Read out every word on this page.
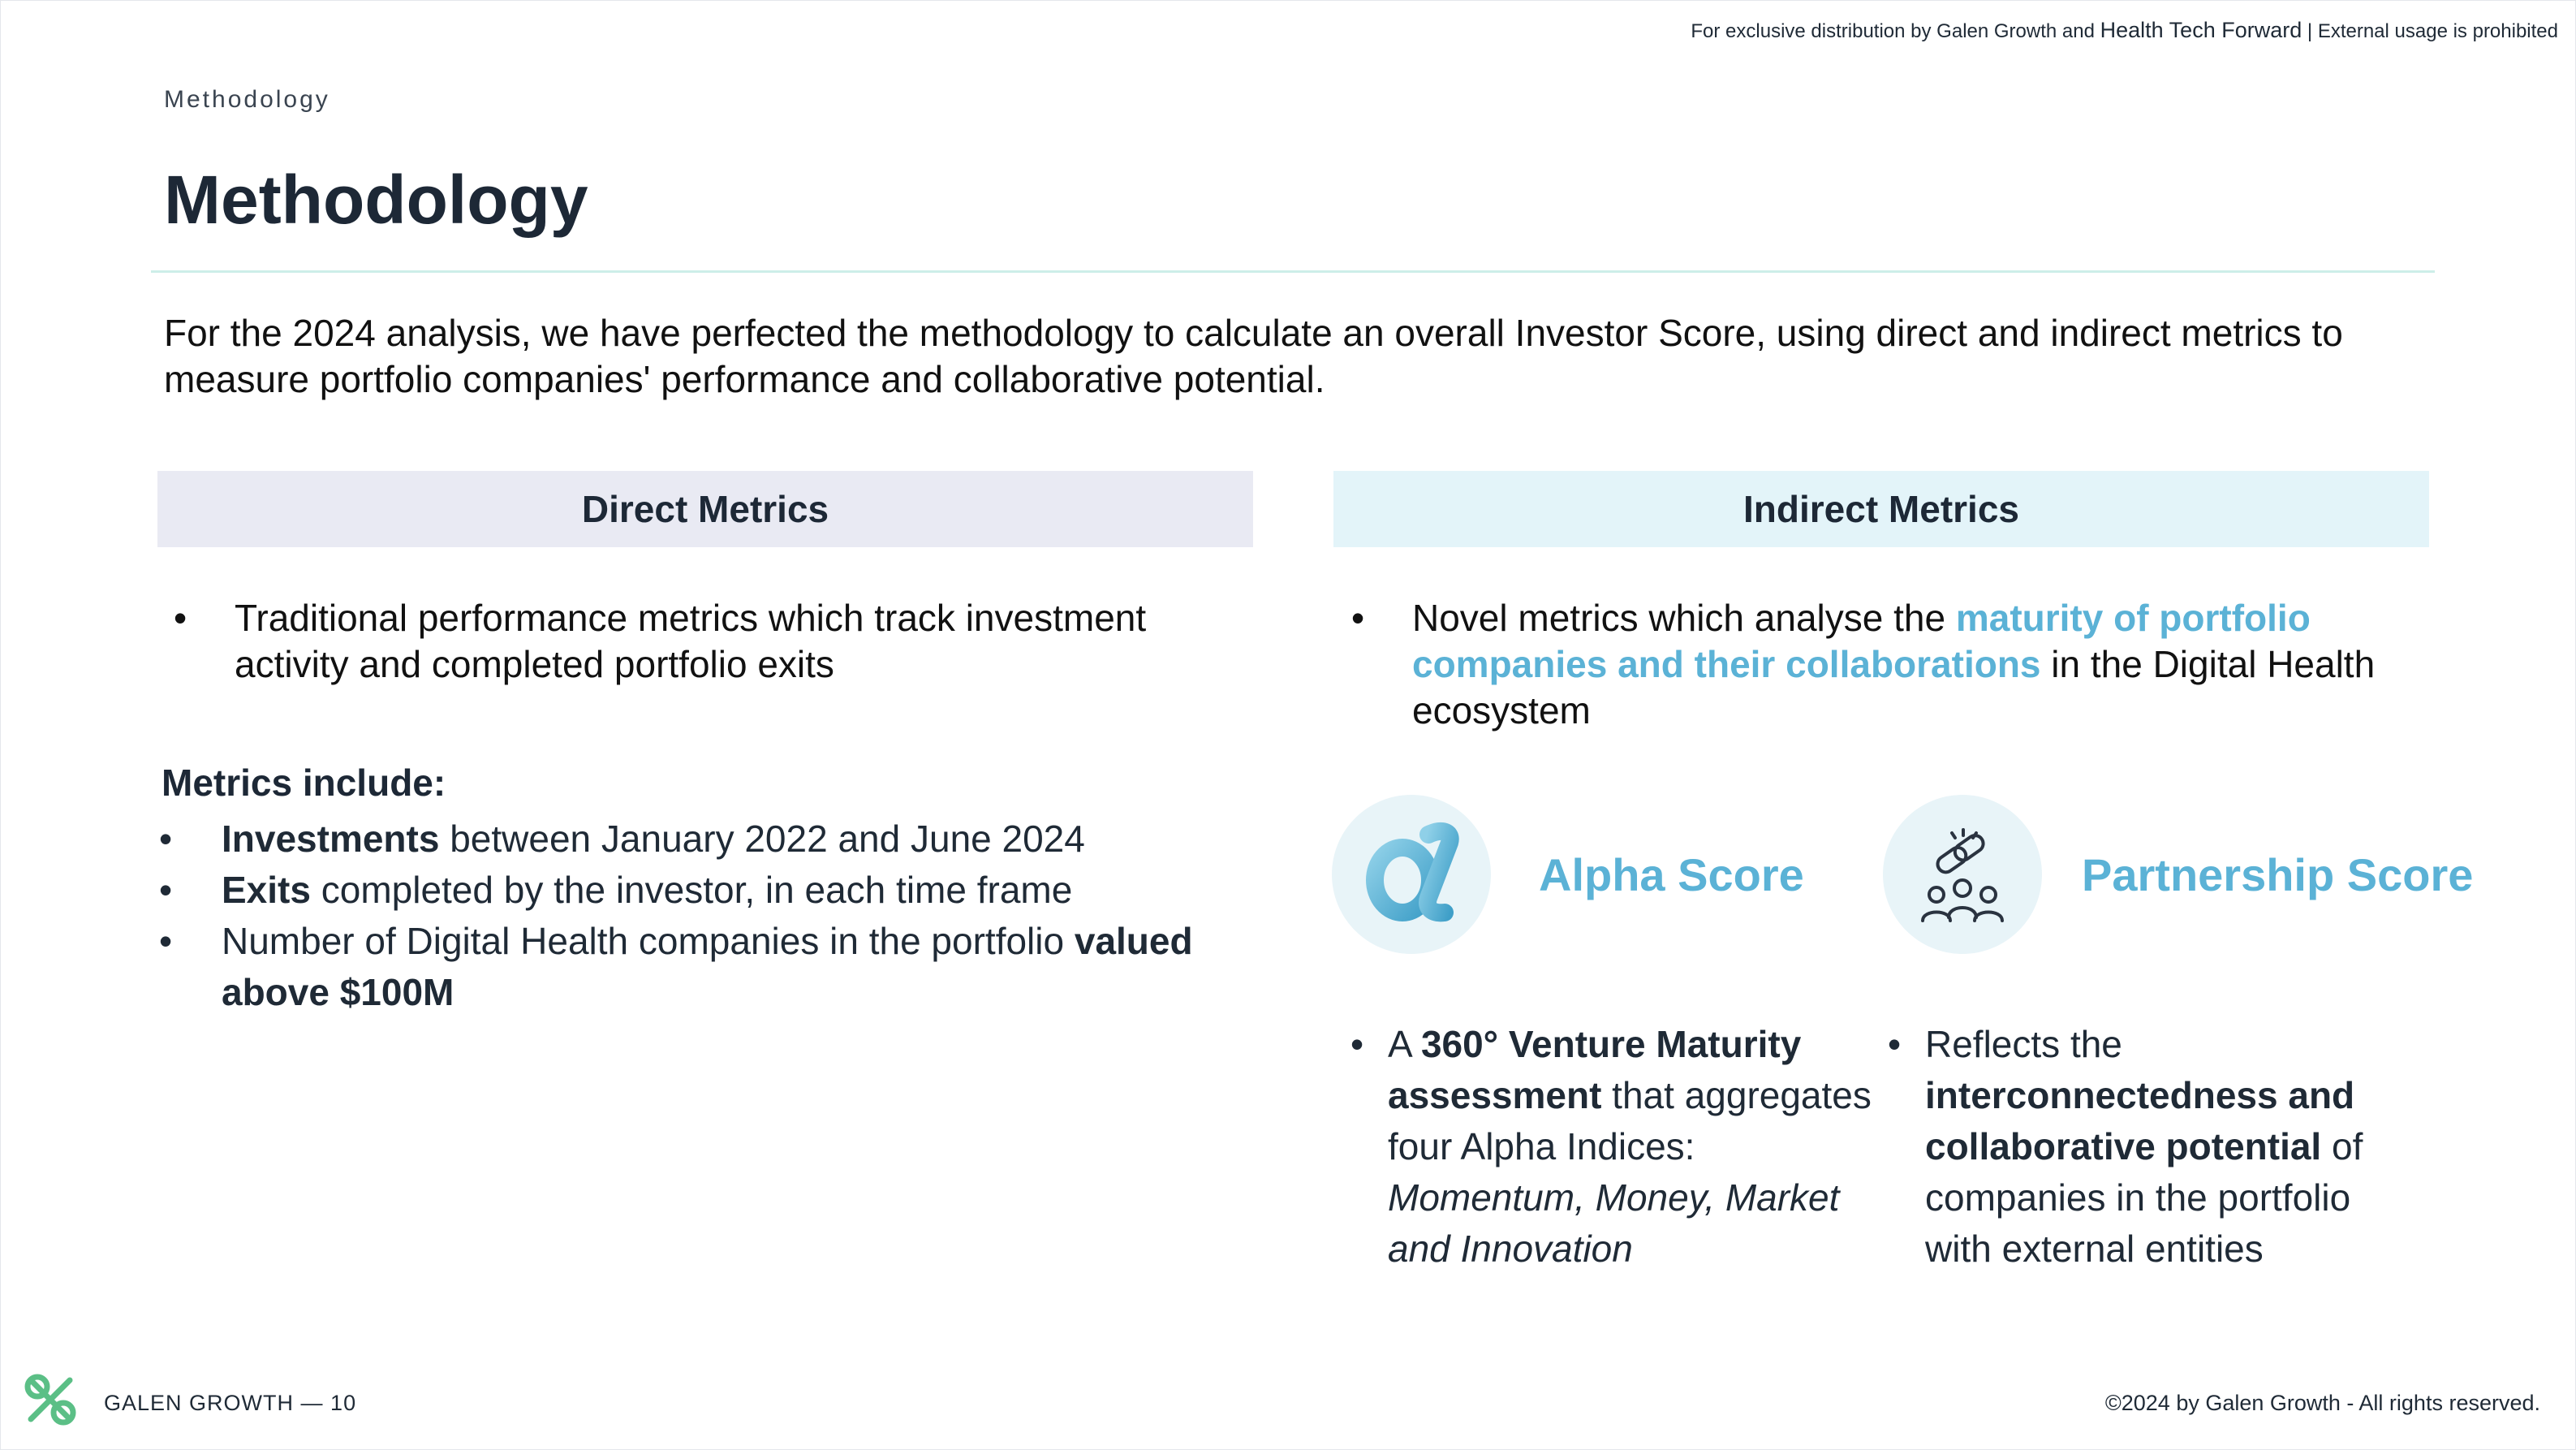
For exclusive distribution by Galen Growth and Health Tech Forward | External usage is prohibited
Methodology
Methodology

For the 2024 analysis, we have perfected the methodology to calculate an overall Investor Score, using direct and indirect metrics to measure portfolio companies' performance and collaborative potential.

Direct Metrics
• Traditional performance metrics which track investment activity and completed portfolio exits
Metrics include:
• Investments between January 2022 and June 2024
• Exits completed by the investor, in each time frame
• Number of Digital Health companies in the portfolio valued above $100M
Indirect Metrics
• Novel metrics which analyse the maturity of portfolio companies and their collaborations in the Digital Health ecosystem
Alpha Score	Partnership Score
• A 360° Venture Maturity assessment that aggregates four Alpha Indices: Momentum, Money, Market and Innovation
• Reflects the interconnectedness and collaborative potential of companies in the portfolio with external entities
GALEN GROWTH — 10	©2024 by Galen Growth - All rights reserved.
